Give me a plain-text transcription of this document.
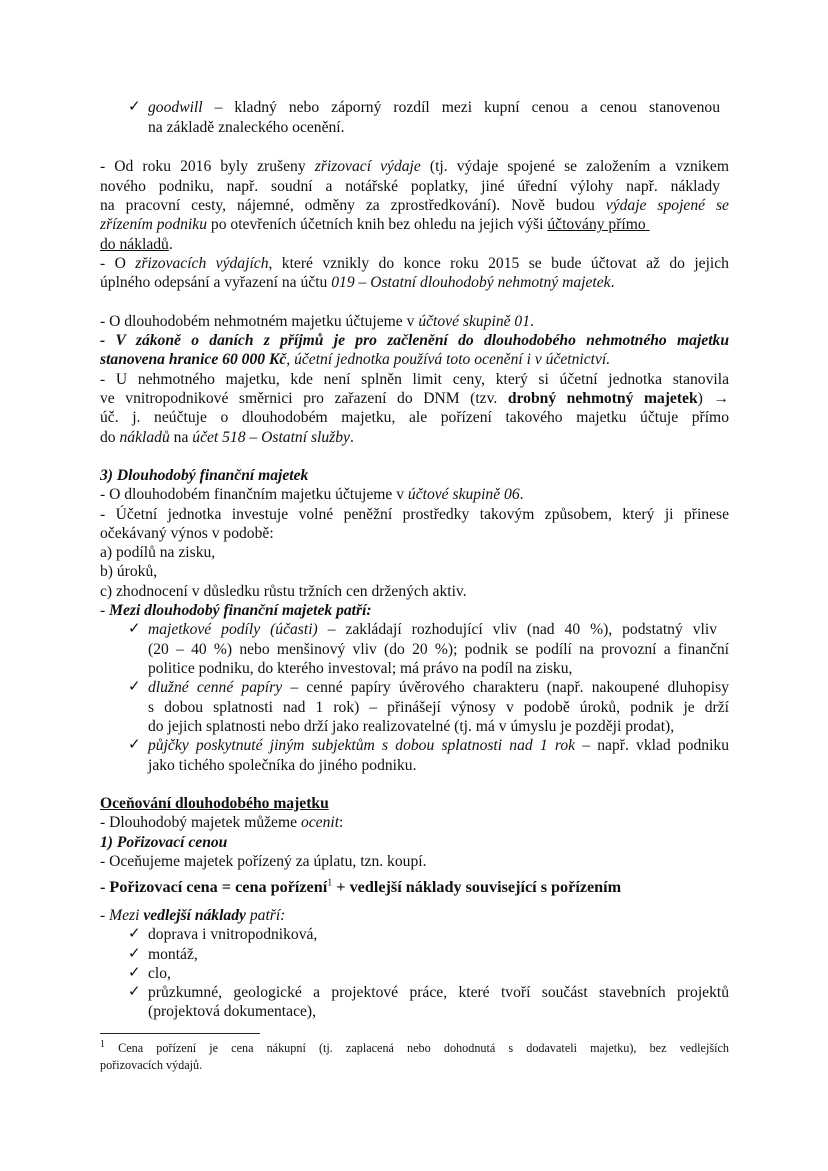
✓ goodwill – kladný nebo záporný rozdíl mezi kupní cenou a cenou stanovenou
na základě znaleckého ocenění.
- Od roku 2016 byly zrušeny zřizovací výdaje (tj. výdaje spojené se založením a vznikem
nového podniku, např. soudní a notářské poplatky, jiné úřední výlohy např. náklady
na pracovní cesty, nájemné, odměny za zprostředkování). Nově budou výdaje spojené se
zřízením podniku po otevřeních účetních knih bez ohledu na jejich výši účtovány přímo
do nákladů.
- O zřizovacích výdajích, které vznikly do konce roku 2015 se bude účtovat až do jejich
úplného odepsání a vyřazení na účtu 019 – Ostatní dlouhodobý nehmotný majetek.
- O dlouhodobém nehmotném majetku účtujeme v účtové skupině 01.
- V zákoně o daních z příjmů je pro začlenění do dlouhodobého nehmotného majetku
stanovena hranice 60 000 Kč, účetní jednotka používá toto ocenění i v účetnictví.
- U nehmotného majetku, kde není splněn limit ceny, který si účetní jednotka stanovila
ve vnitropodnikové směrnici pro zařazení do DNM (tzv. drobný nehmotný majetek) →
úč. j. neúčtuje o dlouhodobém majetku, ale pořízení takového majetku účtuje přímo
do nákladů na účet 518 – Ostatní služby.
3) Dlouhodobý finanční majetek
- O dlouhodobém finančním majetku účtujeme v účtové skupině 06.
- Účetní jednotka investuje volné peněžní prostředky takovým způsobem, který ji přinese
očekávaný výnos v podobě:
a) podílů na zisku,
b) úroků,
c) zhodnocení v důsledku růstu tržních cen držených aktiv.
- Mezi dlouhodobý finanční majetek patří:
✓ majetkové podíly (účasti) – zakládají rozhodující vliv (nad 40 %), podstatný vliv
(20 – 40 %) nebo menšinový vliv (do 20 %); podnik se podílí na provozní a finanční
politice podniku, do kterého investoval; má právo na podíl na zisku,
✓ dlužné cenné papíry – cenné papíry úvěrového charakteru (např. nakoupené dluhopisy
s dobou splatnosti nad 1 rok) – přinášejí výnosy v podobě úroků, podnik je drží
do jejich splatnosti nebo drží jako realizovatelné (tj. má v úmyslu je později prodat),
✓ půjčky poskytnuté jiným subjektům s dobou splatnosti nad 1 rok – např. vklad podniku
jako tichého společníka do jiného podniku.
Oceňování dlouhodobého majetku
- Dlouhodobý majetek můžeme ocenit:
1) Pořizovací cenou
- Oceňujeme majetek pořízený za úplatu, tzn. koupí.
- Pořizovací cena = cena pořízení$^1$ + vedlejší náklady související s pořízením
- Mezi vedlejší náklady patří:
✓ doprava i vnitropodniková,
✓ montáž,
✓ clo,
✓ průzkumné, geologické a projektové práce, které tvoří součást stavebních projektů
(projektová dokumentace),
$^1$ Cena pořízení je cena nákupní (tj. zaplacená nebo dohodnutá s dodavateli majetku), bez vedlejších
pořizovacích výdajů.
